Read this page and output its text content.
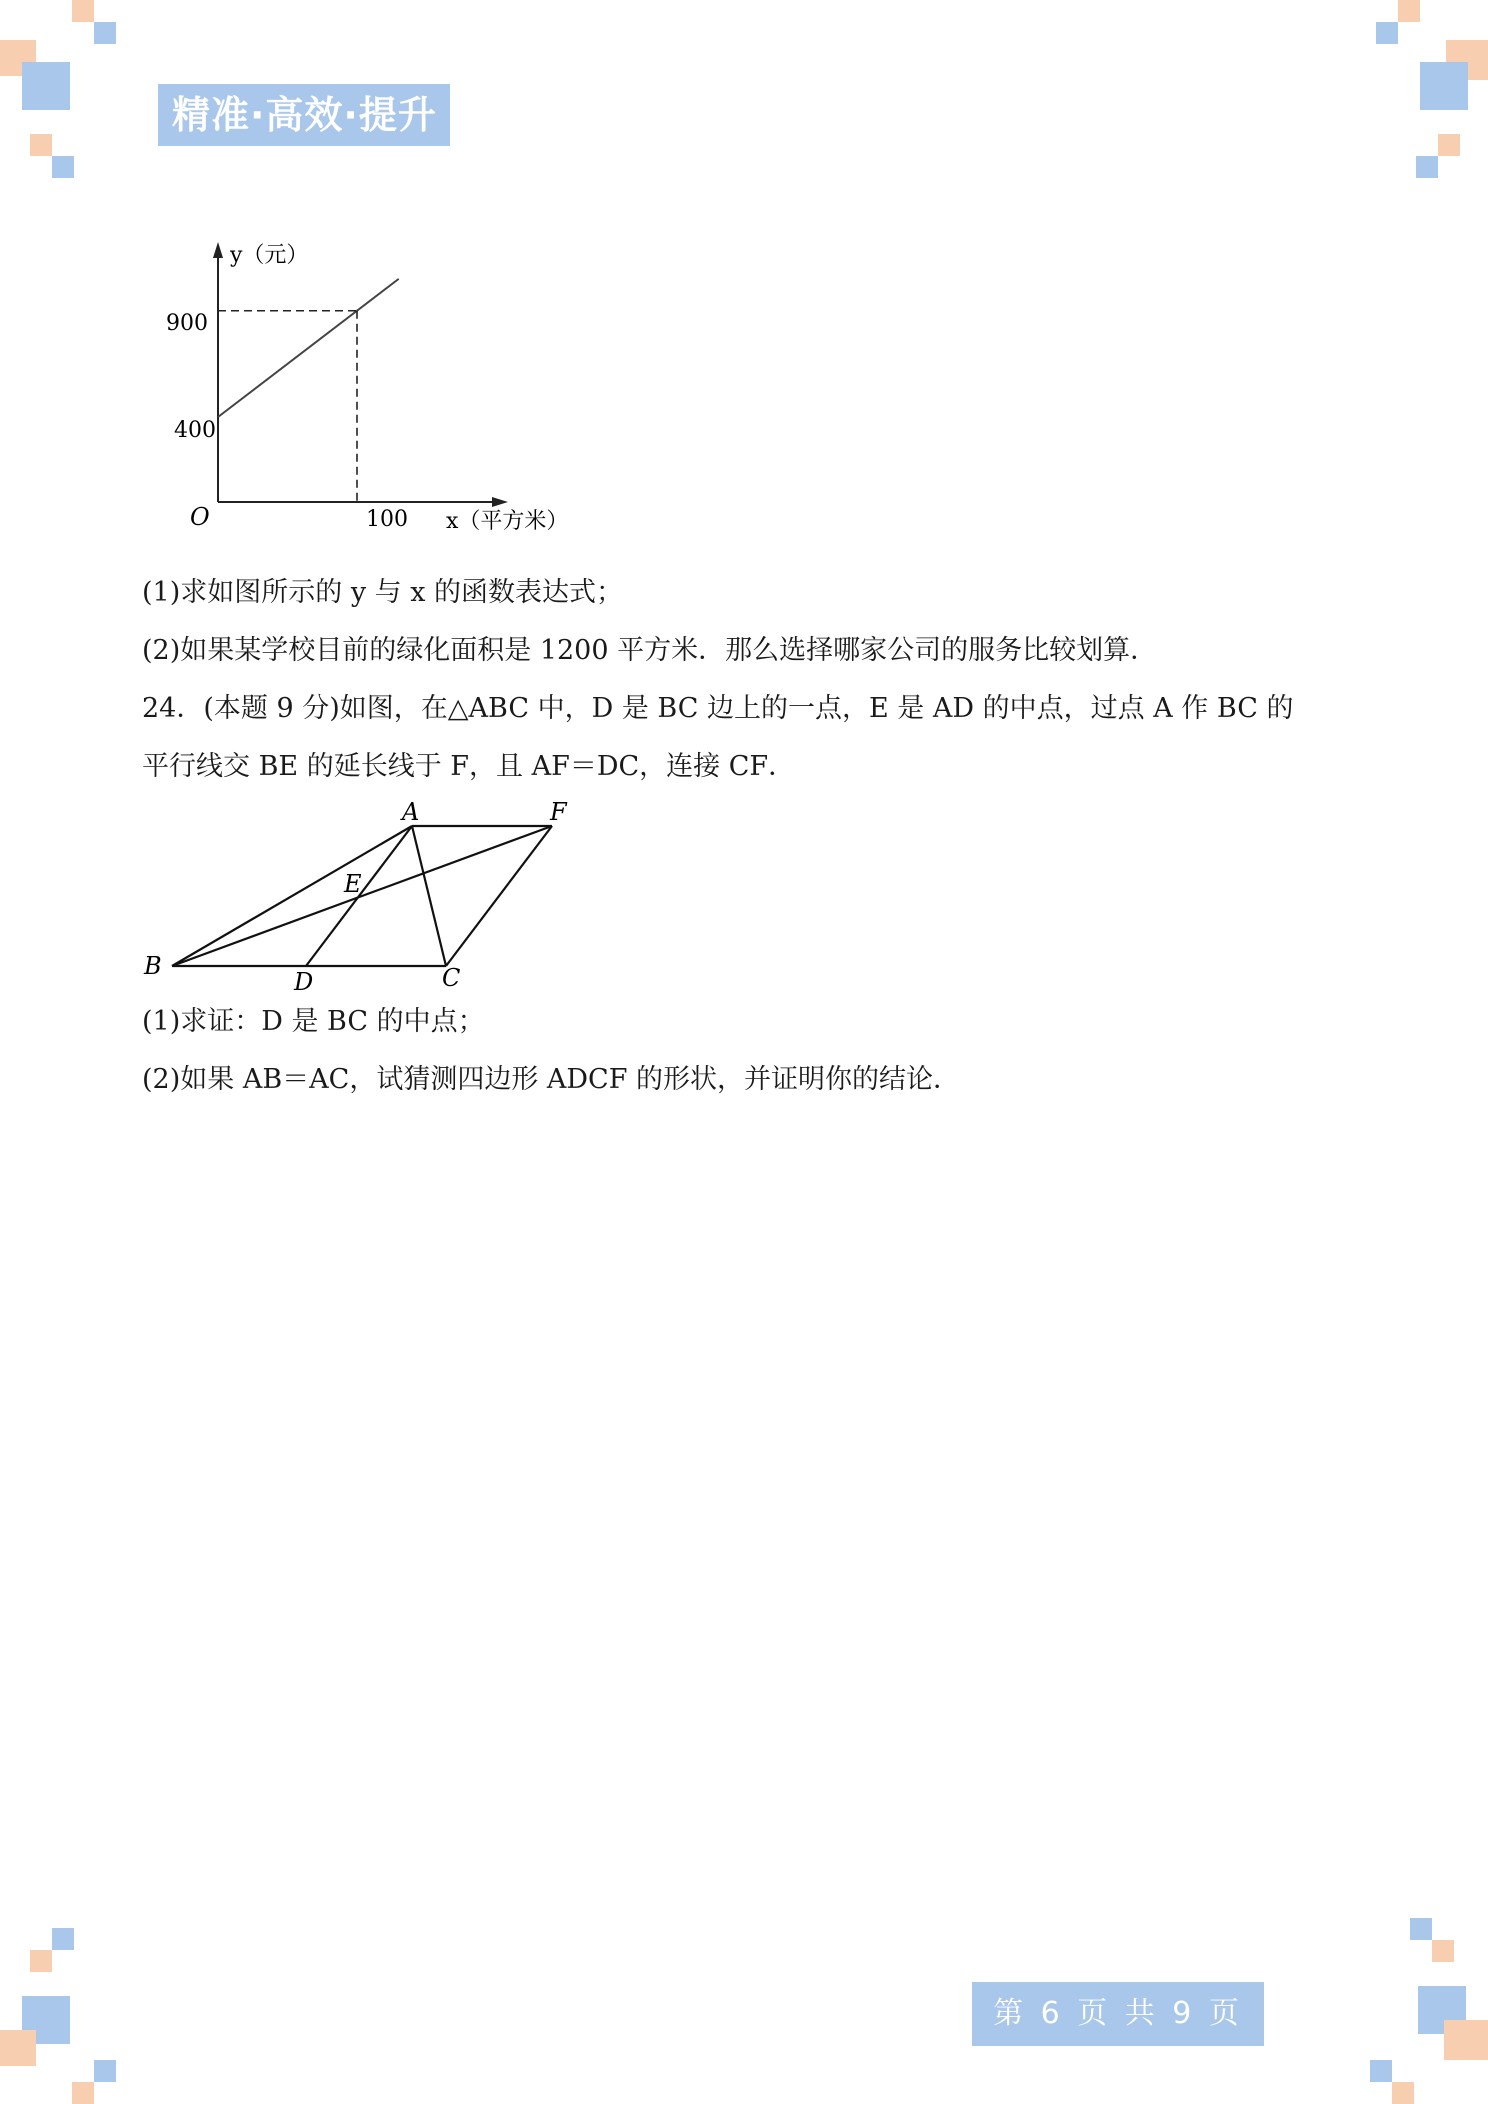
精准·高效·提升
y（元）
x（平方米）
O
900
400
100
(1)求如图所示的 y 与 x 的函数表达式；
(2)如果某学校目前的绿化面积是 1200 平方米．那么选择哪家公司的服务比较划算．
24．(本题 9 分)如图，在△ABC 中，D 是 BC 边上的一点，E 是 AD 的中点，过点 A 作 BC 的
平行线交 BE 的延长线于 F，且 AF＝DC，连接 CF．
A	F
E
B
D	C
(1)求证：D 是 BC 的中点；
(2)如果 AB＝AC，试猜测四边形 ADCF 的形状，并证明你的结论．
第 6 页 共 9 页
